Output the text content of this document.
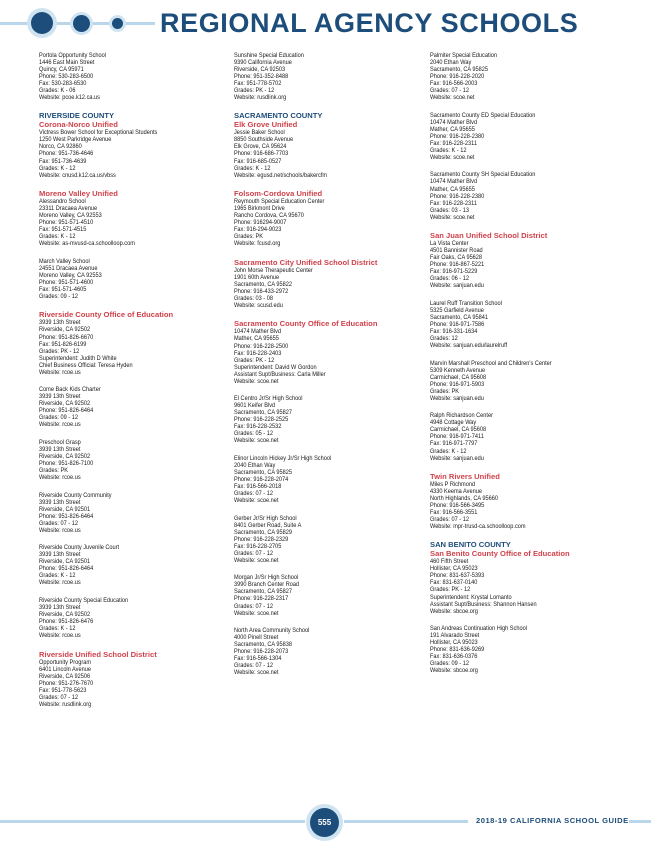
REGIONAL AGENCY SCHOOLS
Portola Opportunity School
1446 East Main Street
Quincy, CA 95971
Phone: 530-283-6500
Fax: 530-283-6530
Grades: K - 06
Website: pcoe.k12.ca.us
RIVERSIDE COUNTY
Corona-Norco Unified
Victress Bower School for Exceptional Students
1250 West Parkridge Avenue
Norco, CA 92860
Phone: 951-736-4646
Fax: 951-736-4639
Grades: K - 12
Website: cnusd.k12.ca.us/vbss
Moreno Valley Unified
Alessandro School
23311 Dracaea Avenue
Moreno Valley, CA 92553
Phone: 951-571-4510
Fax: 951-571-4515
Grades: K - 12
Website: as-mvusd-ca.schoolloop.com
March Valley School
24551 Dracaea Avenue
Moreno Valley, CA 92553
Phone: 951-571-4600
Fax: 951-571-4605
Grades: 09 - 12
Riverside County Office of Education
3939 13th Street
Riverside, CA 92502
Phone: 951-826-6670
Fax: 951-826-6199
Grades: PK - 12
Superintendent: Judith D White
Chief Business Official: Teresa Hyden
Website: rcoe.us
Come Back Kids Charter
3939 13th Street
Riverside, CA 92502
Phone: 951-826-6464
Grades: 09 - 12
Website: rcoe.us
Preschool Grasp
3939 13th Street
Riverside, CA 92502
Phone: 951-826-7100
Grades: PK
Website: rcoe.us
Riverside County Community
3939 13th Street
Riverside, CA 92501
Phone: 951-826-6464
Grades: 07 - 12
Website: rcoe.us
Riverside County Juvenile Court
3939 13th Street
Riverside, CA 92501
Phone: 951-826-6464
Grades: K - 12
Website: rcoe.us
Riverside County Special Education
3939 13th Street
Riverside, CA 92502
Phone: 951-826-6476
Grades: K - 12
Website: rcoe.us
Riverside Unified School District
Opportunity Program
6401 Lincoln Avenue
Riverside, CA 92506
Phone: 951-276-7670
Fax: 951-778-5623
Grades: 07 - 12
Website: rusdlink.org
Sunshine Special Education
9390 California Avenue
Riverside, CA 92503
Phone: 951-352-8488
Fax: 951-778-5702
Grades: PK - 12
Website: rusdlink.org
SACRAMENTO COUNTY
Elk Grove Unified
Jessie Baker School
8850 Southside Avenue
Elk Grove, CA 95624
Phone: 916-686-7703
Fax: 916-685-0527
Grades: K - 12
Website: egusd.net/schools/bakercfm
Folsom-Cordova Unified
Reymouth Special Education Center
1965 Birkmont Drive
Rancho Cordova, CA 95670
Phone: 916294-9007
Fax: 916-294-9023
Grades: PK
Website: fcusd.org
Sacramento City Unified School District
John Morse Therapeutic Center
1901 60th Avenue
Sacramento, CA 95822
Phone: 916-433-2972
Grades: 03 - 08
Website: scusd.edu
Sacramento County Office of Education
10474 Mather Blvd
Mather, CA 95655
Phone: 916-228-2500
Fax: 916-228-2403
Grades: PK - 12
Superintendent: David W Gordon
Assistant Supt/Business: Carla Miller
Website: scoe.net
El Centro Jr/Sr High School
9601 Keifer Blvd
Sacramento, CA 95827
Phone: 916-228-2525
Fax: 916-228-2532
Grades: 05 - 12
Website: scoe.net
Elinor Lincoln Hickey Jr/Sr High School
2040 Ethan Way
Sacramento, CA 95825
Phone: 916-228-2074
Fax: 916-566-2018
Grades: 07 - 12
Website: scoe.net
Gerber Jr/Sr High School
8401 Gerber Road, Suite A
Sacramento, CA 95829
Phone: 916-228-2329
Fax: 916-228-2705
Grades: 07 - 12
Website: scoe.net
Morgan Jr/Sr High School
3990 Branch Center Road
Sacramento, CA 95827
Phone: 916-228-2317
Grades: 07 - 12
Website: scoe.net
North Area Community School
4000 Pinell Street
Sacramento, CA 95838
Phone: 916-228-2073
Fax: 916-566-1304
Grades: 07 - 12
Website: scoe.net
Palmiter Special Education
2040 Ethan Way
Sacramento, CA 95825
Phone: 916-228-2020
Fax: 916-566-2003
Grades: 07 - 12
Website: scoe.net
Sacramento County ED Special Education
10474 Mather Blvd
Mather, CA 95655
Phone: 916-228-2380
Fax: 916-228-2311
Grades: K - 12
Website: scoe.net
Sacramento County SH Special Education
10474 Mather Blvd
Mather, CA 95655
Phone: 916-228-2380
Fax: 916-228-2311
Grades: 03 - 13
Website: scoe.net
San Juan Unified School District
La Vista Center
4501 Bannister Road
Fair Oaks, CA 95628
Phone: 916-867-5221
Fax: 916-971-5229
Grades: 06 - 12
Website: sanjuan.edu
Laurel Ruff Transition School
5325 Garfield Avenue
Sacramento, CA 95841
Phone: 916-971-7586
Fax: 916-331-1634
Grades: 12
Website: sanjuan.edu/laurelruff
Marvin Marshall Preschool and Children's Center
5309 Kenneth Avenue
Carmichael, CA 95608
Phone: 916-971-5903
Grades: PK
Website: sanjuan.edu
Ralph Richardson Center
4948 Cottage Way
Carmichael, CA 95608
Phone: 916-971-7411
Fax: 916-971-7797
Grades: K - 12
Website: sanjuan.edu
Twin Rivers Unified
Miles P Richmond
4330 Keema Avenue
North Highlands, CA 95660
Phone: 916-566-3495
Fax: 916-566-3551
Grades: 07 - 12
Website: mpr-trusd-ca.schoolloop.com
SAN BENITO COUNTY
San Benito County Office of Education
460 Fifth Street
Hollister, CA 95023
Phone: 831-637-5393
Fax: 831-637-0140
Grades: PK - 12
Superintendent: Krystal Lomanto
Assistant Supt/Business: Shannon Hansen
Website: sbcoe.org
San Andreas Continuation High School
191 Alvarado Street
Hollister, CA 95023
Phone: 831-636-9269
Fax: 831-636-0376
Grades: 09 - 12
Website: sbcoe.org
555	2018-19 CALIFORNIA SCHOOL GUIDE
